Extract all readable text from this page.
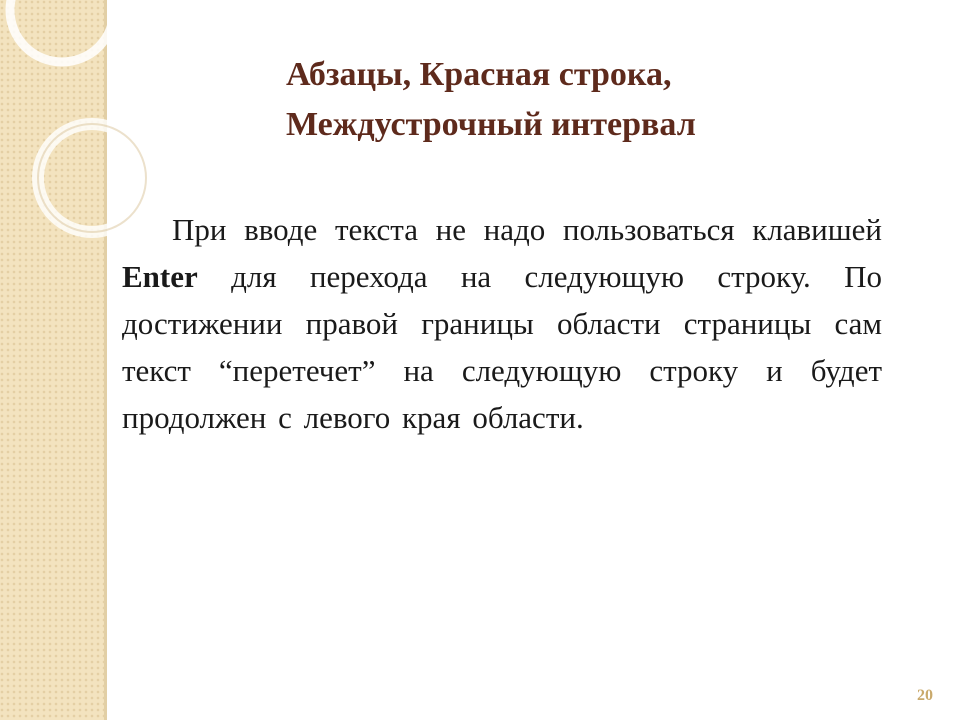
Абзацы, Красная строка,
Междустрочный интервал

При вводе текста не надо пользоваться клавишей Enter для перехода на следующую строку. По достижении правой границы области страницы сам текст “перетечет” на следующую строку и будет продолжен с левого края области.

20
